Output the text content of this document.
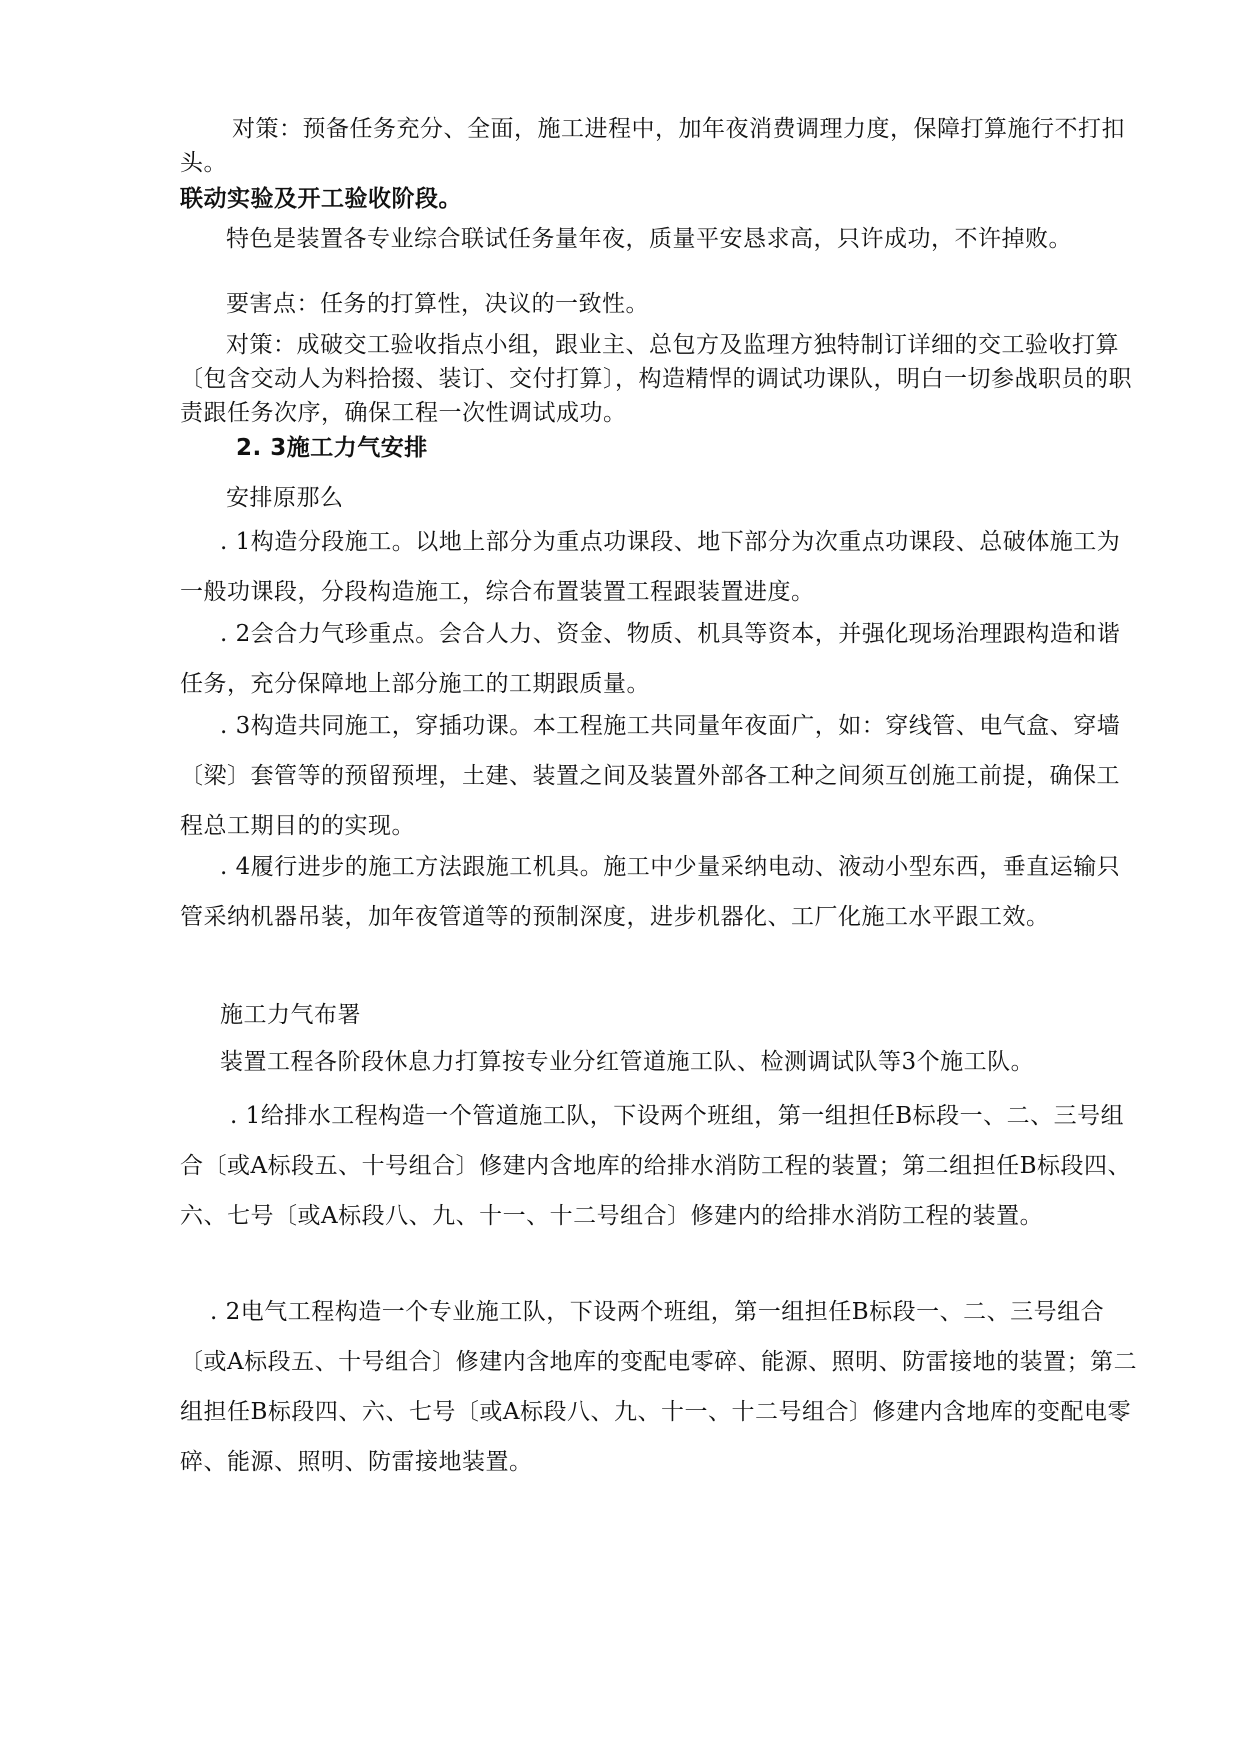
对策：预备任务充分、全面，施工进程中，加年夜消费调理力度，保障打算施行不打扣头。

联动实验及开工验收阶段。

特色是装置各专业综合联试任务量年夜，质量平安恳求高，只许成功，不许掉败。

要害点：任务的打算性，决议的一致性。

对策：成破交工验收指点小组，跟业主、总包方及监理方独特制订详细的交工验收打算〔包含交动人为料拾掇、装订、交付打算〕，构造精悍的调试功课队，明白一切参战职员的职责跟任务次序，确保工程一次性调试成功。

2. 3施工力气安排

安排原那么

. 1构造分段施工。以地上部分为重点功课段、地下部分为次重点功课段、总破体施工为一般功课段，分段构造施工，综合布置装置工程跟装置进度。

. 2会合力气珍重点。会合人力、资金、物质、机具等资本，并强化现场治理跟构造和谐任务，充分保障地上部分施工的工期跟质量。

. 3构造共同施工，穿插功课。本工程施工共同量年夜面广，如：穿线管、电气盒、穿墙〔梁〕套管等的预留预埋，土建、装置之间及装置外部各工种之间须互创施工前提，确保工程总工期目的的实现。

. 4履行进步的施工方法跟施工机具。施工中少量采纳电动、液动小型东西，垂直运输只管采纳机器吊装，加年夜管道等的预制深度，进步机器化、工厂化施工水平跟工效。

施工力气布署

装置工程各阶段休息力打算按专业分红管道施工队、检测调试队等3个施工队。

. 1给排水工程构造一个管道施工队，下设两个班组，第一组担任B标段一、二、三号组合〔或A标段五、十号组合〕修建内含地库的给排水消防工程的装置；第二组担任B标段四、六、七号〔或A标段八、九、十一、十二号组合〕修建内的给排水消防工程的装置。

. 2电气工程构造一个专业施工队，下设两个班组，第一组担任B标段一、二、三号组合〔或A标段五、十号组合〕修建内含地库的变配电零碎、能源、照明、防雷接地的装置；第二组担任B标段四、六、七号〔或A标段八、九、十一、十二号组合〕修建内含地库的变配电零碎、能源、照明、防雷接地装置。
